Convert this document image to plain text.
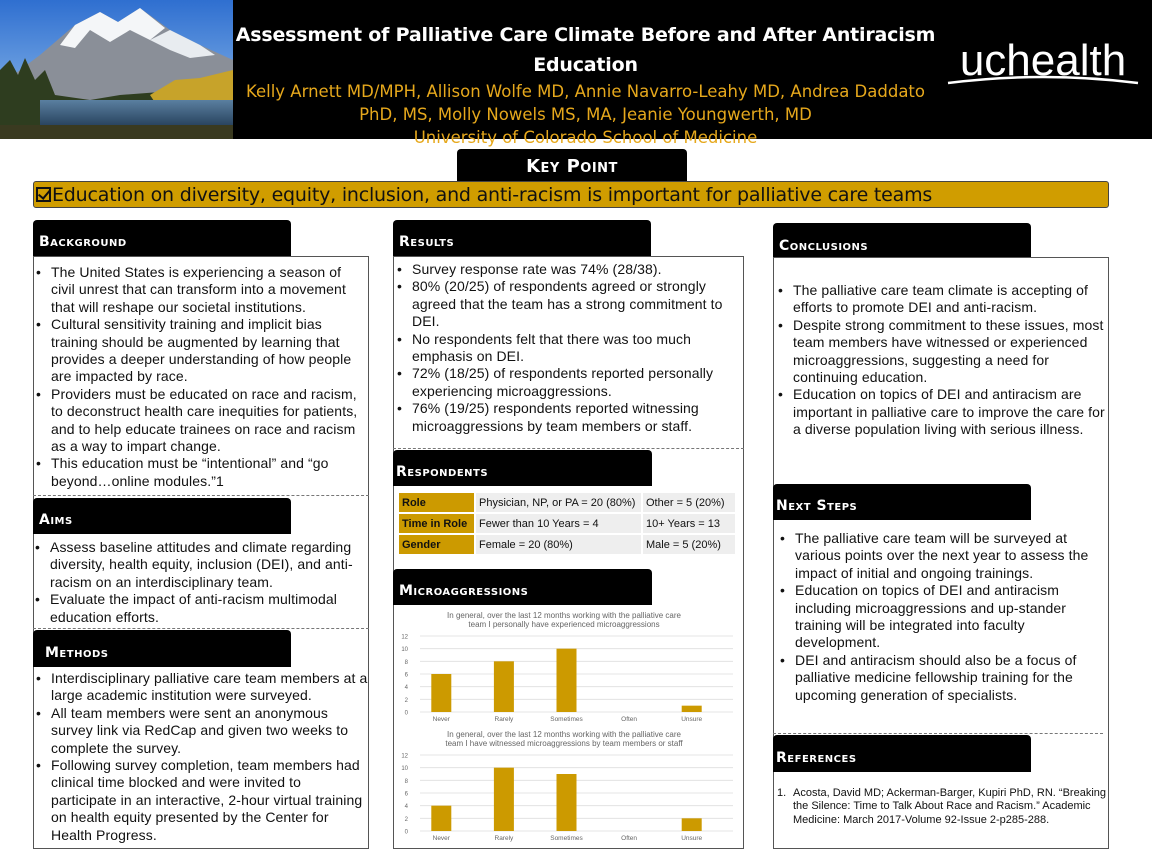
Assessment of Palliative Care Climate Before and After Antiracism Education
Kelly Arnett MD/MPH, Allison Wolfe MD, Annie Navarro-Leahy MD, Andrea Daddato
PhD, MS, Molly Nowels MS, MA, Jeanie Youngwerth, MD
University of Colorado School of Medicine
uchealth
Key Point
Education on diversity, equity, inclusion, and anti-racism is important for palliative care teams
Background
• The United States is experiencing a season of civil unrest that can transform into a movement that will reshape our societal institutions.
• Cultural sensitivity training and implicit bias training should be augmented by learning that provides a deeper understanding of how people are impacted by race.
• Providers must be educated on race and racism, to deconstruct health care inequities for patients, and to help educate trainees on race and racism as a way to impart change.
• This education must be “intentional” and “go beyond…online modules.”1
Aims
• Assess baseline attitudes and climate regarding diversity, health equity, inclusion (DEI), and anti-racism on an interdisciplinary team.
• Evaluate the impact of anti-racism multimodal education efforts.
Methods
• Interdisciplinary palliative care team members at a large academic institution were surveyed.
• All team members were sent an anonymous survey link via RedCap and given two weeks to complete the survey.
• Following survey completion, team members had clinical time blocked and were invited to participate in an interactive, 2-hour virtual training on health equity presented by the Center for Health Progress.
Results
• Survey response rate was 74% (28/38).
• 80% (20/25) of respondents agreed or strongly agreed that the team has a strong commitment to DEI.
• No respondents felt that there was too much emphasis on DEI.
• 72% (18/25) of respondents reported personally experiencing microaggressions.
• 76% (19/25) respondents reported witnessing microaggressions by team members or staff.
Respondents
Role	Physician, NP, or PA = 20 (80%)	Other = 5 (20%)
Time in Role	Fewer than 10 Years = 4	10+ Years = 13
Gender	Female = 20 (80%)	Male = 5 (20%)
Microaggressions
In general, over the last 12 months working with the palliative care
team I personally have experienced microaggressions
0
2
4
6
8
10
12
Never	Rarely	Sometimes	Often	Unsure
In general, over the last 12 months working with the palliative care
team I have witnessed microaggressions by team members or staff
0
2
4
6
8
10
12
Never	Rarely	Sometimes	Often	Unsure
Conclusions
• The palliative care team climate is accepting of efforts to promote DEI and anti-racism.
• Despite strong commitment to these issues, most team members have witnessed or experienced microaggressions, suggesting a need for continuing education.
• Education on topics of DEI and antiracism are important in palliative care to improve the care for a diverse population living with serious illness.
Next Steps
• The palliative care team will be surveyed at various points over the next year to assess the impact of initial and ongoing trainings.
• Education on topics of DEI and antiracism including microaggressions and up-stander training will be integrated into faculty development.
• DEI and antiracism should also be a focus of palliative medicine fellowship training for the upcoming generation of specialists.
References
1. Acosta, David MD; Ackerman-Barger, Kupiri PhD, RN. “Breaking the Silence: Time to Talk About Race and Racism.” Academic Medicine: March 2017-Volume 92-Issue 2-p285-288.
